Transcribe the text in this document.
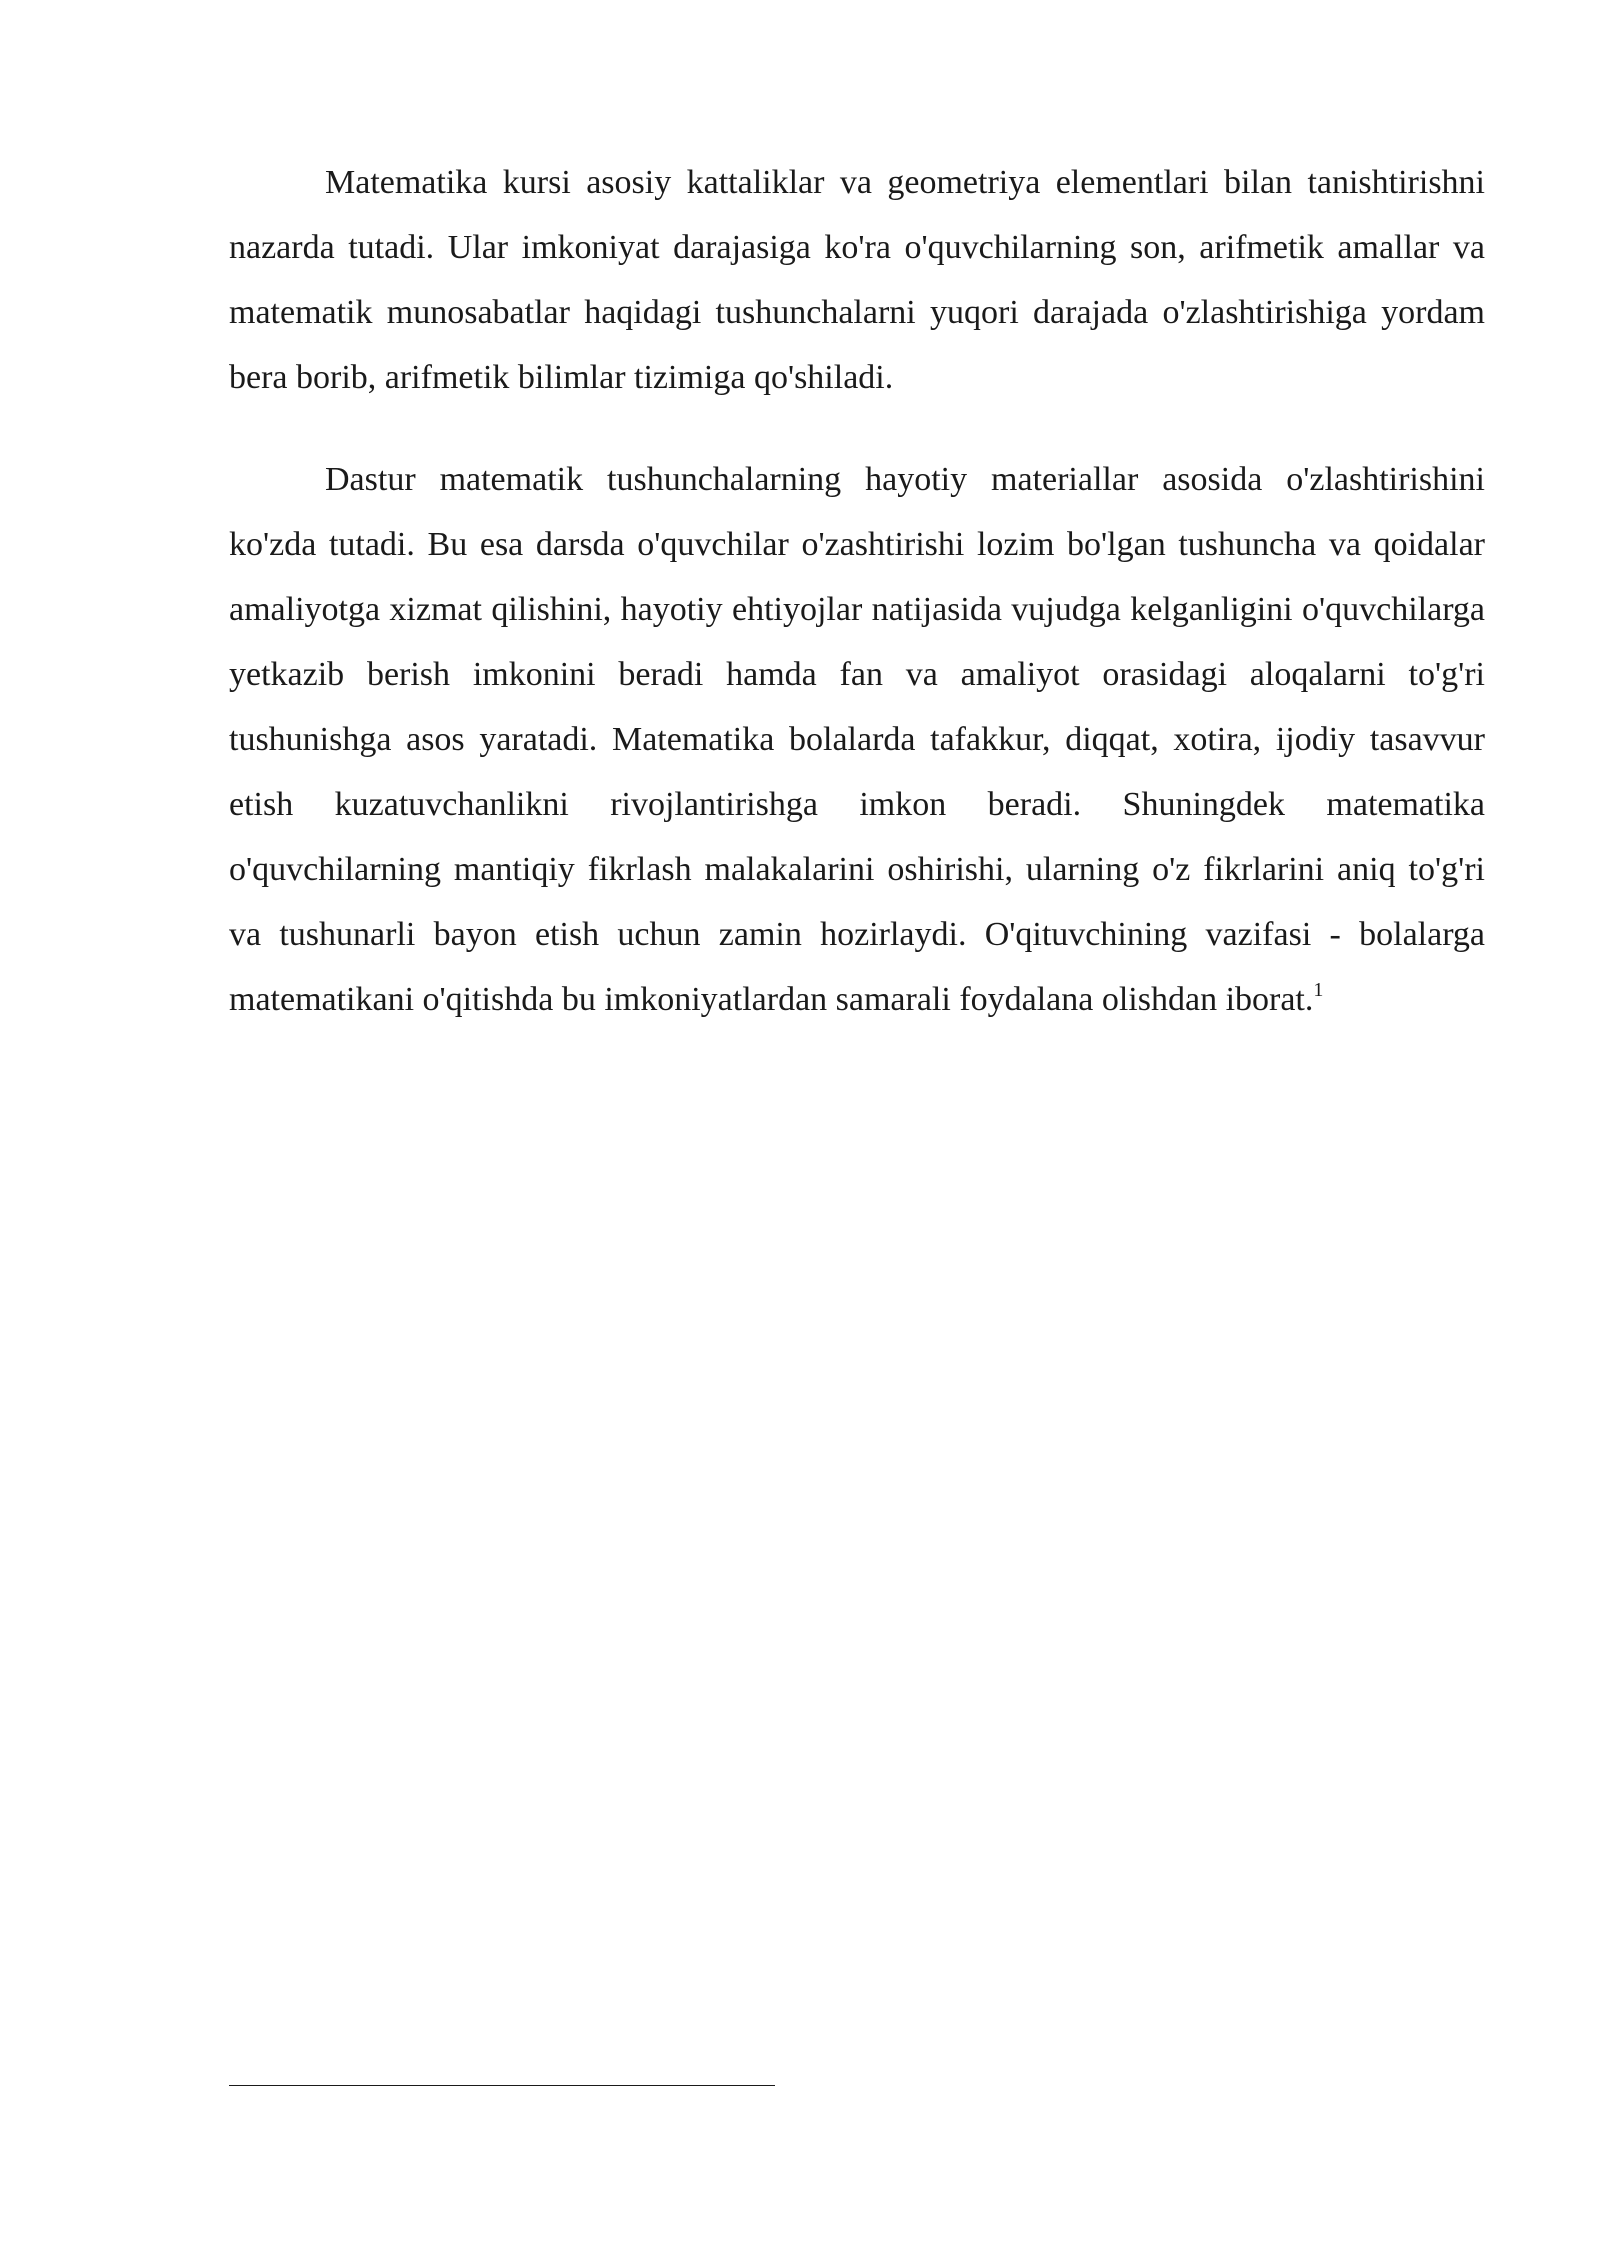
Matematika kursi asosiy kattaliklar va geometriya elementlari bilan tanishtirishni nazarda tutadi. Ular imkoniyat darajasiga ko'ra o'quvchilarning son, arifmetik amallar va matematik munosabatlar haqidagi tushunchalarni yuqori darajada o'zlashtirishiga yordam bera borib, arifmetik bilimlar tizimiga qo'shiladi.

Dastur matematik tushunchalarning hayotiy materiallar asosida o'zlashtirishini ko'zda tutadi. Bu esa darsda o'quvchilar o'zashtirishi lozim bo'lgan tushuncha va qoidalar amaliyotga xizmat qilishini, hayotiy ehtiyojlar natijasida vujudga kelganligini o'quvchilarga yetkazib berish imkonini beradi hamda fan va amaliyot orasidagi aloqalarni to'g'ri tushunishga asos yaratadi. Matematika bolalarda tafakkur, diqqat, xotira, ijodiy tasavvur etish kuzatuvchanlikni rivojlantirishga imkon beradi. Shuningdek matematika o'quvchilarning mantiqiy fikrlash malakalarini oshirishi, ularning o'z fikrlarini aniq to'g'ri va tushunarli bayon etish uchun zamin hozirlaydi. O'qituvchining vazifasi - bolalarga matematikani o'qitishda bu imkoniyatlardan samarali foydalana olishdan iborat.$^1$
